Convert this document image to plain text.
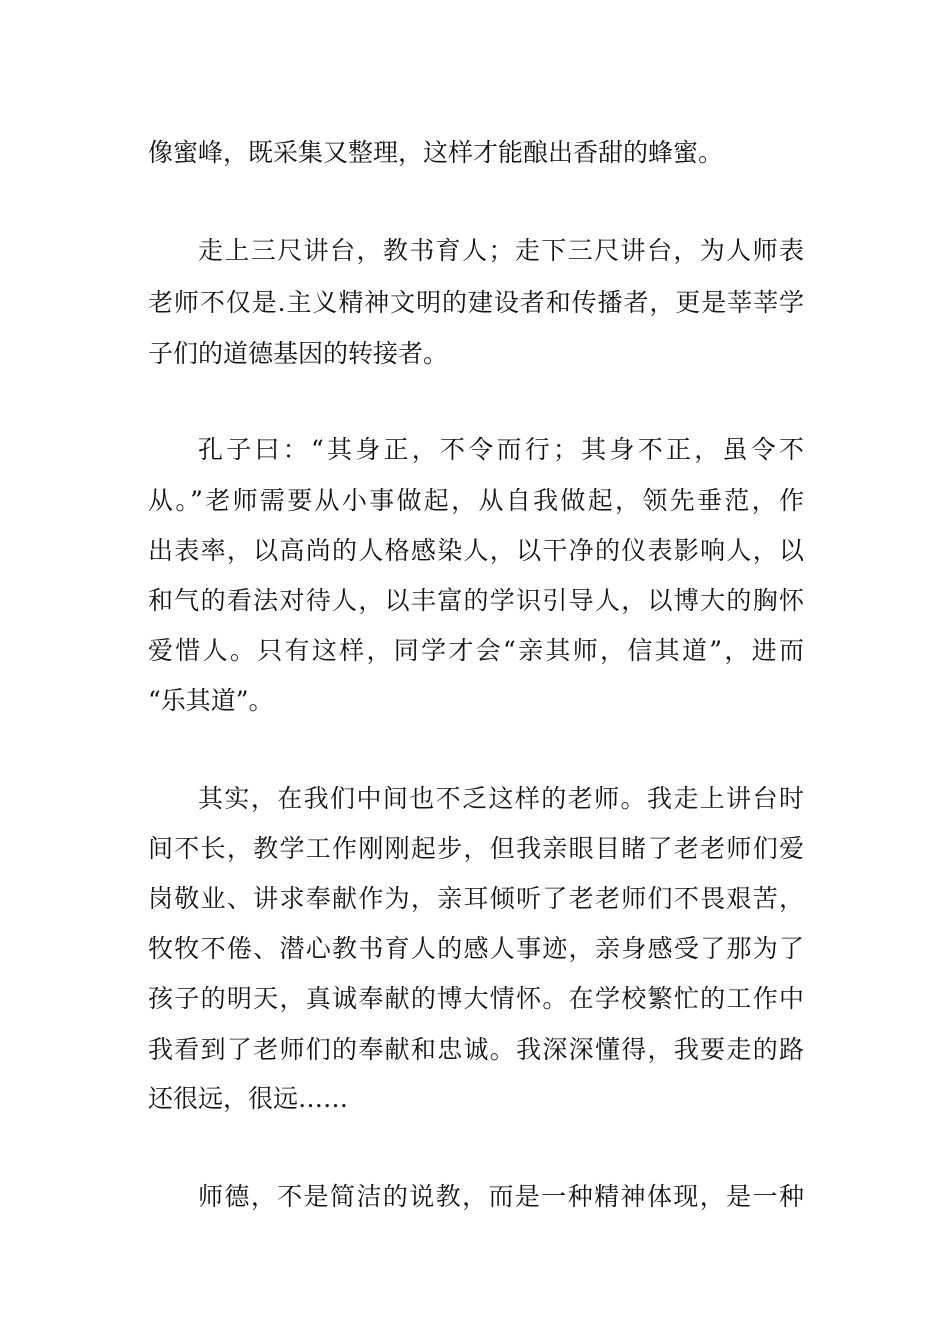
像蜜峰，既采集又整理，这样才能酿出香甜的蜂蜜。
走上三尺讲台，教书育人；走下三尺讲台，为人师表
老师不仅是.主义精神文明的建设者和传播者，更是莘莘学
子们的道德基因的转接者。
孔子曰：“其身正，不令而行；其身不正，虽令不
从。”老师需要从小事做起，从自我做起，领先垂范，作
出表率，以高尚的人格感染人，以干净的仪表影响人，以
和气的看法对待人，以丰富的学识引导人，以博大的胸怀
爱惜人。只有这样，同学才会“亲其师，信其道”，进而
“乐其道”。
其实，在我们中间也不乏这样的老师。我走上讲台时
间不长，教学工作刚刚起步，但我亲眼目睹了老老师们爱
岗敬业、讲求奉献作为，亲耳倾听了老老师们不畏艰苦，
牧牧不倦、潜心教书育人的感人事迹，亲身感受了那为了
孩子的明天，真诚奉献的博大情怀。在学校繁忙的工作中
我看到了老师们的奉献和忠诚。我深深懂得，我要走的路
还很远，很远……
师德，不是简洁的说教，而是一种精神体现，是一种
